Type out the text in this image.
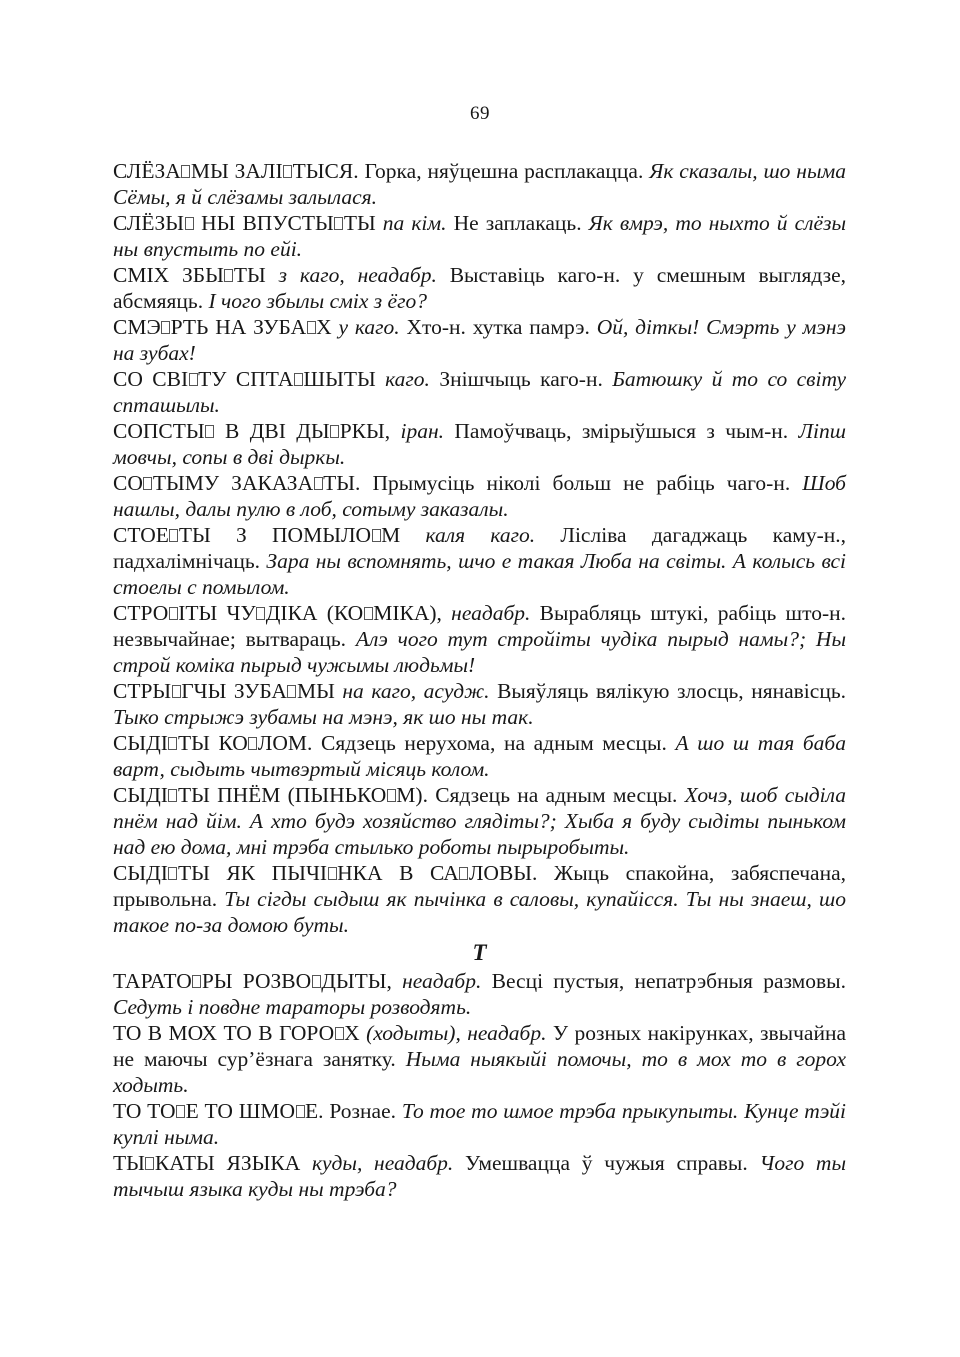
69

СЛЁЗА МЫ ЗАЛІ ТЫСЯ. Горка, няўцешна расплакацца. Як сказалы, шо ныма Сёмы, я й слёзамы залылася.

СЛЁЗЫ НЫ ВПУСТЫ ТЫ па кім. Не заплакаць. Як вмрэ, то ныхто й слёзы ны впустыть по ейі.

СМІХ ЗБЫ ТЫ з каго, неадабр. Выставіць каго-н. у смешным выглядзе, абсмяяць. І чого збылы сміх з ёго?

СМЭ РТЬ НА ЗУБА Х у каго. Хто-н. хутка памрэ. Ой, діткы! Смэрть у мэнэ на зубах!

СО СВІ ТУ СПТА ШЫТЫ каго. Знішчыць каго-н. Батюшку й то со світу спташылы.

СОПСТЫ В ДВІ ДЫ РКЫ, іран. Памоўчваць, змірыўшыся з чым-н. Ліпш мовчы, сопы в дві дыркы.

СО ТЫМУ ЗАКАЗА ТЫ. Прымусіць ніколі больш не рабіць чаго-н. Шоб нашлы, далы пулю в лоб, сотыму заказалы.

СТОЕ ТЫ З ПОМЫЛО М каля каго. Лісліва дагаджаць каму-н., падхалімнічаць. Зара ны вспомнять, шчо е такая Люба на світы. А колысь всі стоелы с помылом.

СТРО ІТЫ ЧУ ДІКА (КО МІКА), неадабр. Вырабляць штукі, рабіць што-н. незвычайнае; вытвараць. Алэ чого тут стройіты чудіка пырыд намы?; Ны строй коміка пырыд чужымы людьмы!

СТРЫ ГЧЫ ЗУБА МЫ на каго, асудж. Выяўляць вялікую злосць, нянавісць. Тыко стрыжэ зубамы на мэнэ, як шо ны так.

СЫДІ ТЫ КО ЛОМ. Сядзець нерухома, на адным месцы. А шо ш тая баба варт, сыдыть чытвэртый місяць колом.

СЫДІ ТЫ ПНЁМ (ПЫНЬКО М). Сядзець на адным месцы. Хочэ, шоб сыділа пнём над йім. А хто будэ хозяйство глядіты?; Хыба я буду сыдіты пыньком над ею дома, мні трэба стылько роботы пырыробыты.

СЫДІ ТЫ ЯК ПЫЧІ НКА В СА ЛОВЫ. Жыць спакойна, забяспечана, прывольна. Ты сігды сыдыш як пычінка в саловы, купайісся. Ты ны знаеш, шо такое по-за домою буты.

Т

ТАРАТО РЫ РОЗВО ДЫТЫ, неадабр. Весці пустыя, непатрэбныя размовы. Седуть і повдне тараторы розводять.

ТО В МОХ ТО В ГОРО Х (ходыты), неадабр. У розных накірунках, звычайна не маючы сур’ёзнага занятку. Ныма ныякыйі помочы, то в мох то в горох ходыть.

ТО ТО Е ТО ШМО Е. Рознае. То тое то шмое трэба прыкупыты. Кунце тэйі куплі ныма.

ТЫ КАТЫ ЯЗЫКА куды, неадабр. Умешвацца ў чужыя справы. Чого ты тычыш языка куды ны трэба?
